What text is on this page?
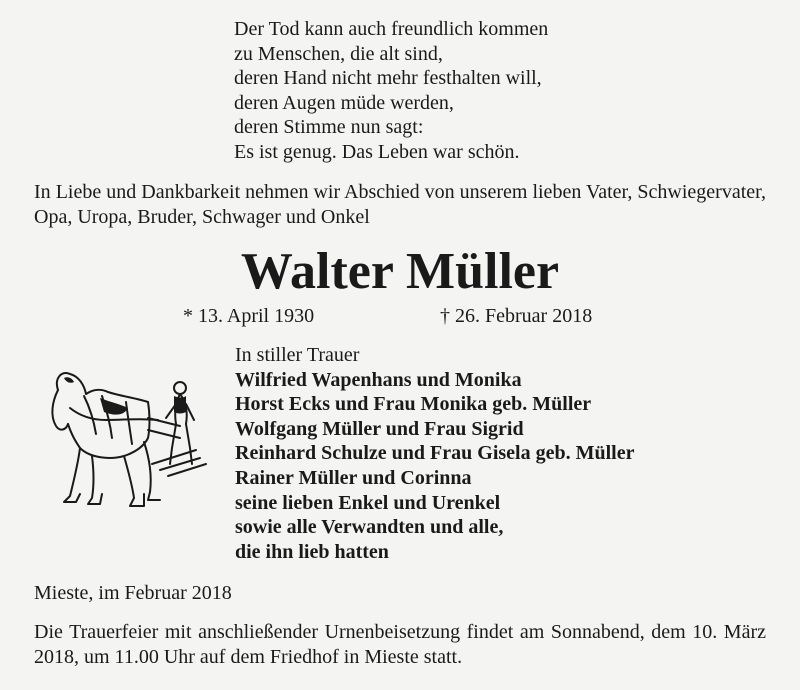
Der Tod kann auch freundlich kommen
zu Menschen, die alt sind,
deren Hand nicht mehr festhalten will,
deren Augen müde werden,
deren Stimme nun sagt:
Es ist genug. Das Leben war schön.
In Liebe und Dankbarkeit nehmen wir Abschied von unserem lieben Vater, Schwiegervater, Opa, Uropa, Bruder, Schwager und Onkel
Walter Müller
* 13. April 1930	† 26. Februar 2018
In stiller Trauer
Wilfried Wapenhans und Monika
Horst Ecks und Frau Monika geb. Müller
Wolfgang Müller und Frau Sigrid
Reinhard Schulze und Frau Gisela geb. Müller
Rainer Müller und Corinna
seine lieben Enkel und Urenkel
sowie alle Verwandten und alle,
die ihn lieb hatten
Mieste, im Februar 2018
Die Trauerfeier mit anschließender Urnenbeisetzung findet am Sonnabend, dem 10. März 2018, um 11.00 Uhr auf dem Friedhof in Mieste statt.
